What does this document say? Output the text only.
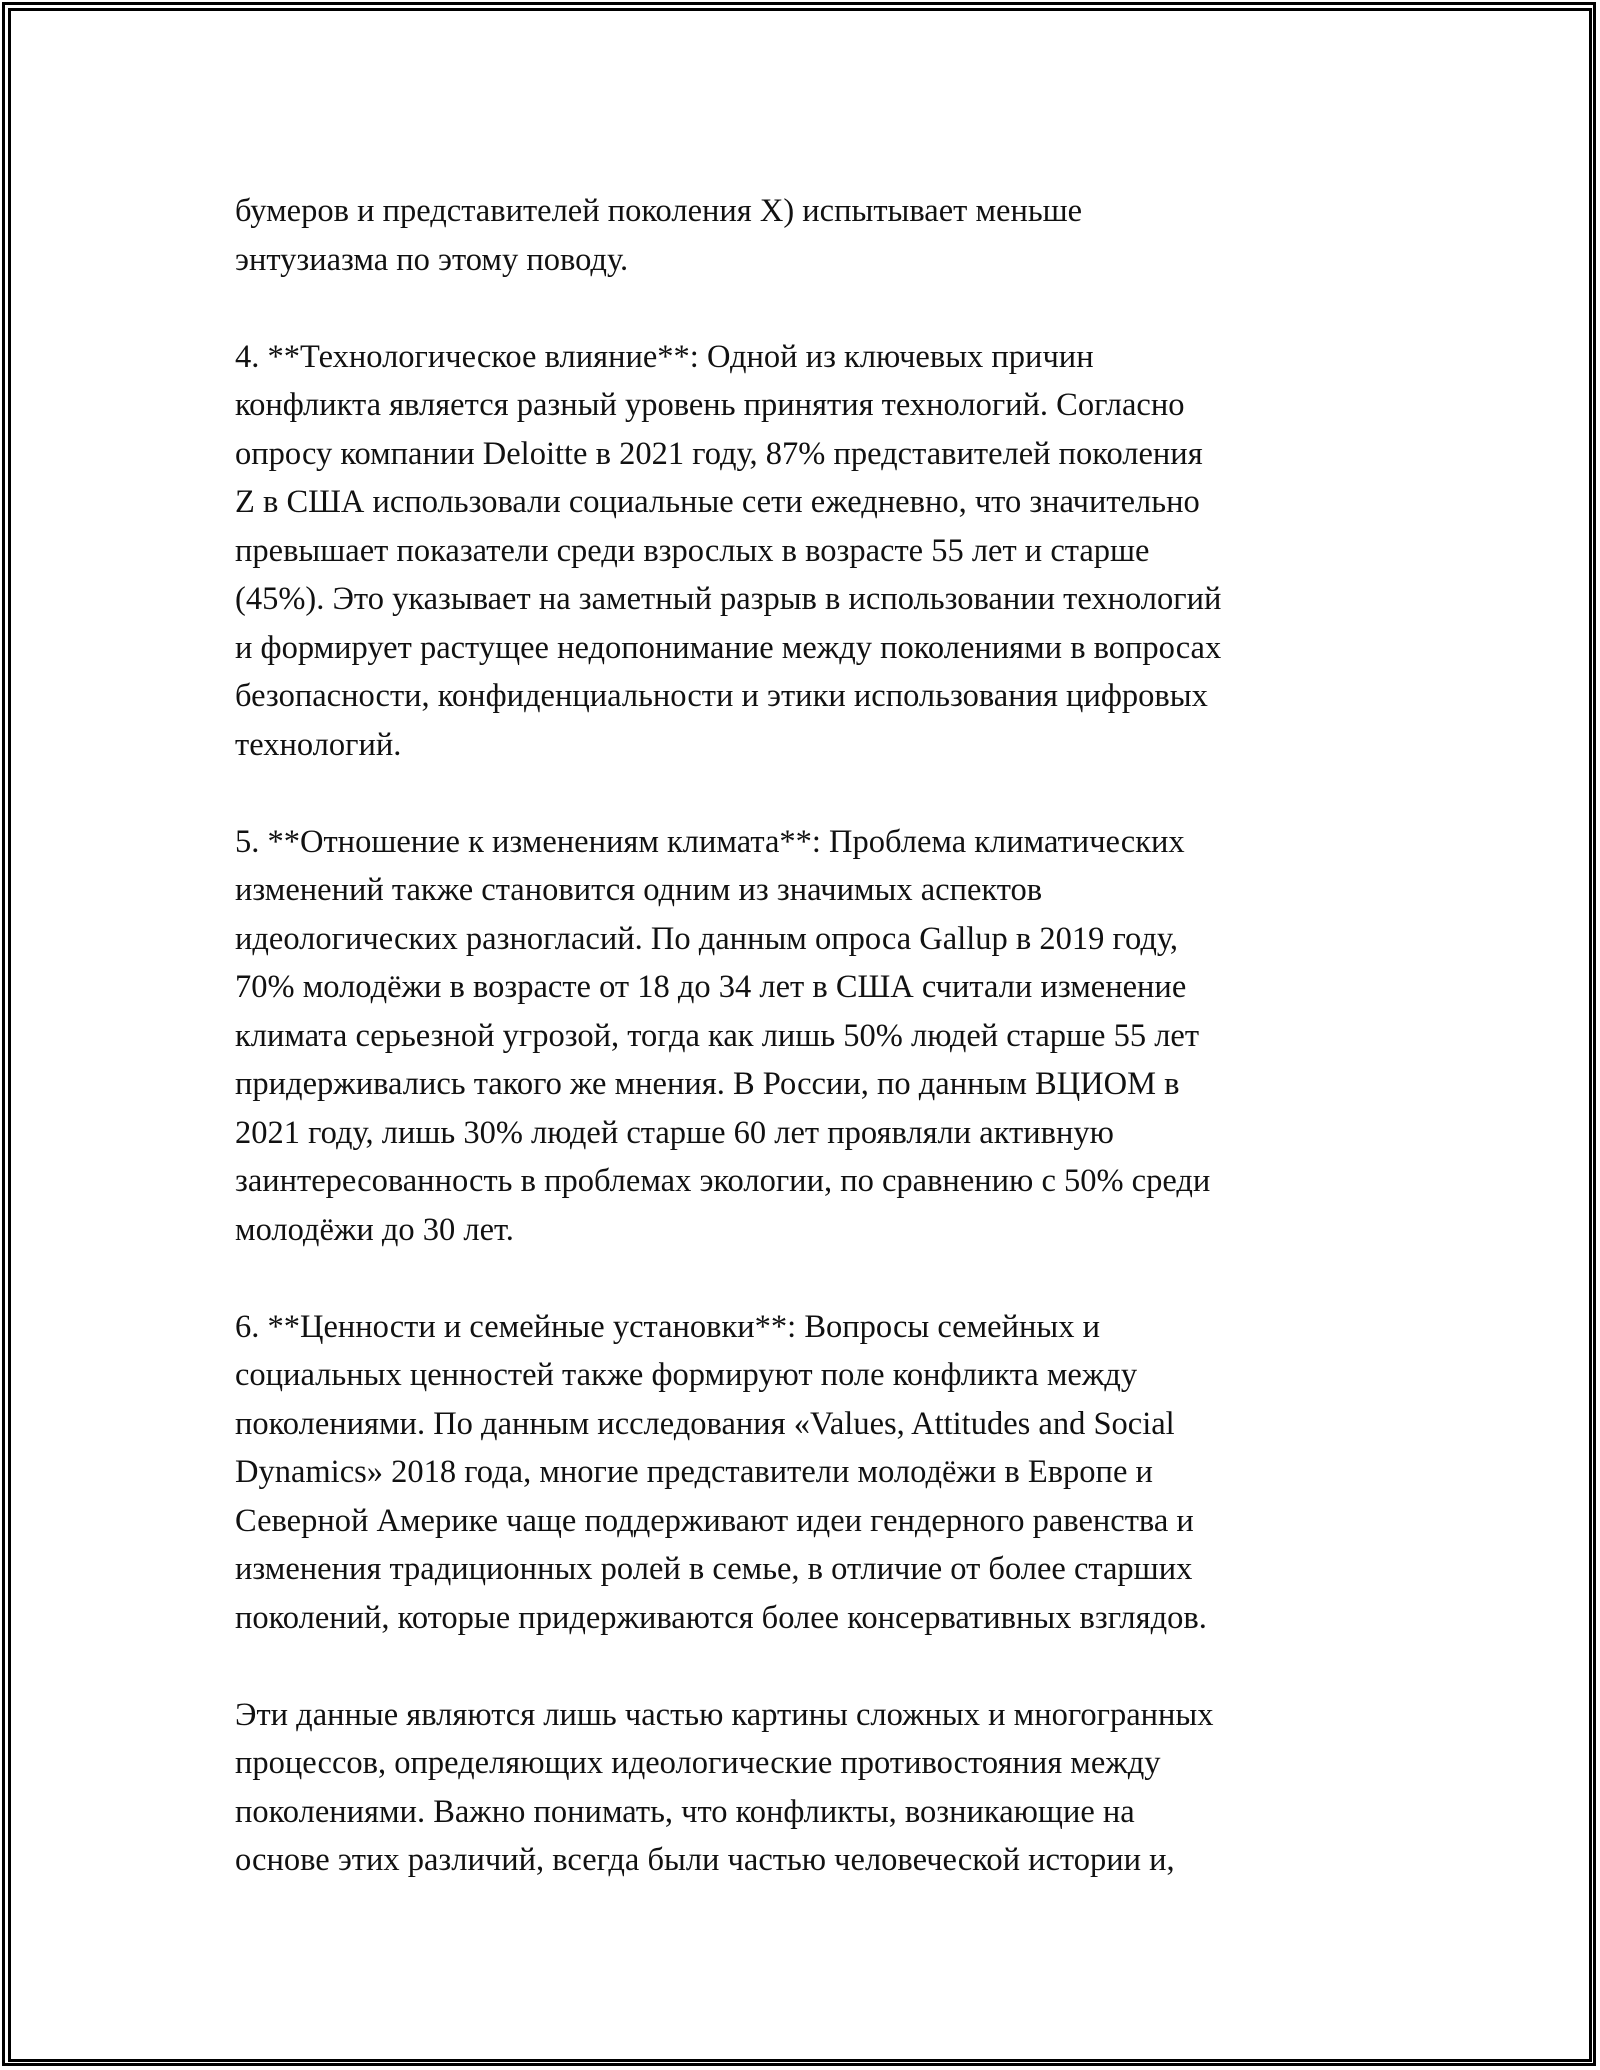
бумеров и представителей поколения X) испытывает меньше
энтузиазма по этому поводу.

4. **Технологическое влияние**: Одной из ключевых причин
конфликта является разный уровень принятия технологий. Согласно
опросу компании Deloitte в 2021 году, 87% представителей поколения
Z в США использовали социальные сети ежедневно, что значительно
превышает показатели среди взрослых в возрасте 55 лет и старше
(45%). Это указывает на заметный разрыв в использовании технологий
и формирует растущее недопонимание между поколениями в вопросах
безопасности, конфиденциальности и этики использования цифровых
технологий.

5. **Отношение к изменениям климата**: Проблема климатических
изменений также становится одним из значимых аспектов
идеологических разногласий. По данным опроса Gallup в 2019 году,
70% молодёжи в возрасте от 18 до 34 лет в США считали изменение
климата серьезной угрозой, тогда как лишь 50% людей старше 55 лет
придерживались такого же мнения. В России, по данным ВЦИОМ в
2021 году, лишь 30% людей старше 60 лет проявляли активную
заинтересованность в проблемах экологии, по сравнению с 50% среди
молодёжи до 30 лет.

6. **Ценности и семейные установки**: Вопросы семейных и
социальных ценностей также формируют поле конфликта между
поколениями. По данным исследования «Values, Attitudes and Social
Dynamics» 2018 года, многие представители молодёжи в Европе и
Северной Америке чаще поддерживают идеи гендерного равенства и
изменения традиционных ролей в семье, в отличие от более старших
поколений, которые придерживаются более консервативных взглядов.

Эти данные являются лишь частью картины сложных и многогранных
процессов, определяющих идеологические противостояния между
поколениями. Важно понимать, что конфликты, возникающие на
основе этих различий, всегда были частью человеческой истории и,
